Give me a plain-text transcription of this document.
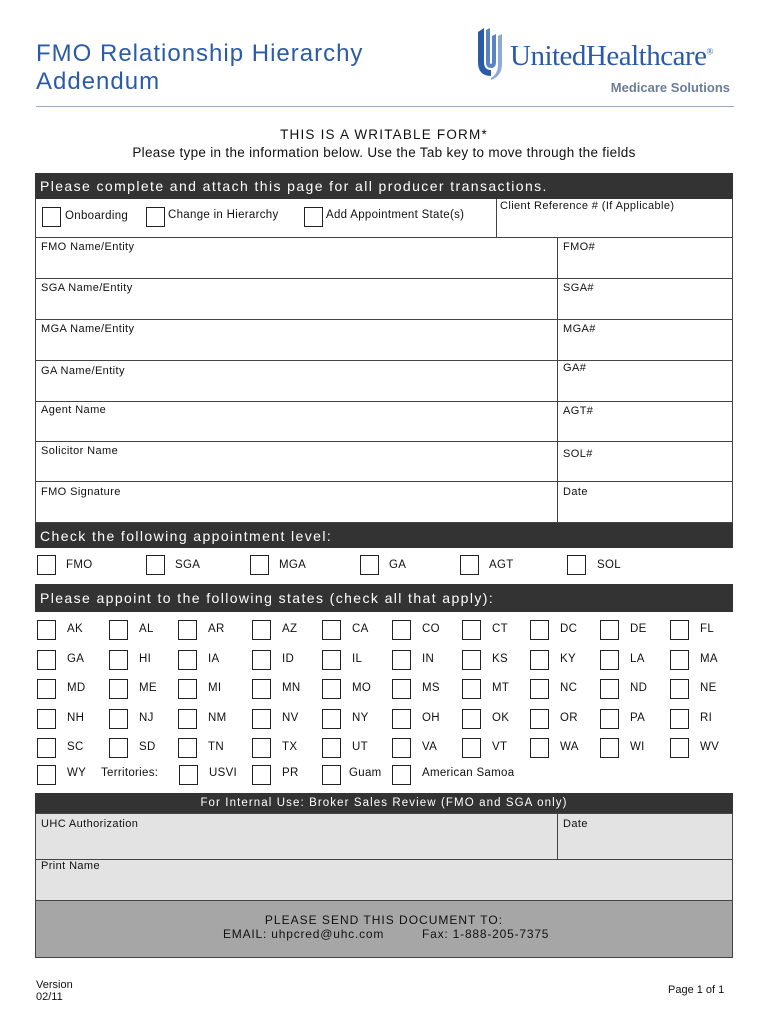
FMO Relationship Hierarchy
Addendum
UnitedHealthcare®
Medicare Solutions
THIS IS A WRITABLE FORM*
Please type in the information below. Use the Tab key to move through the fields
Please complete and attach this page for all producer transactions.
Onboarding	Change in Hierarchy	Add Appointment State(s)
Client Reference # (If Applicable)
FMO Name/Entity	FMO#
SGA Name/Entity	SGA#
MGA Name/Entity	MGA#
GA Name/Entity	GA#
Agent Name	AGT#
Solicitor Name	SOL#
FMO Signature	Date
Check the following appointment level:
FMO	SGA	MGA	GA	AGT	SOL
Please appoint to the following states (check all that apply):
AK	AL	AR	AZ	CA	CO	CT	DC	DE	FL
GA	HI	IA	ID	IL	IN	KS	KY	LA	MA
MD	ME	MI	MN	MO	MS	MT	NC	ND	NE
NH	NJ	NM	NV	NY	OH	OK	OR	PA	RI
SC	SD	TN	TX	UT	VA	VT	WA	WI	WV
WY Territories:	USVI	PR	Guam	American Samoa
For Internal Use: Broker Sales Review (FMO and SGA only)
UHC Authorization	Date
Print Name
PLEASE SEND THIS DOCUMENT TO:
EMAIL: uhpcred@uhc.com	Fax: 1-888-205-7375
Version
02/11
Page 1 of 1
